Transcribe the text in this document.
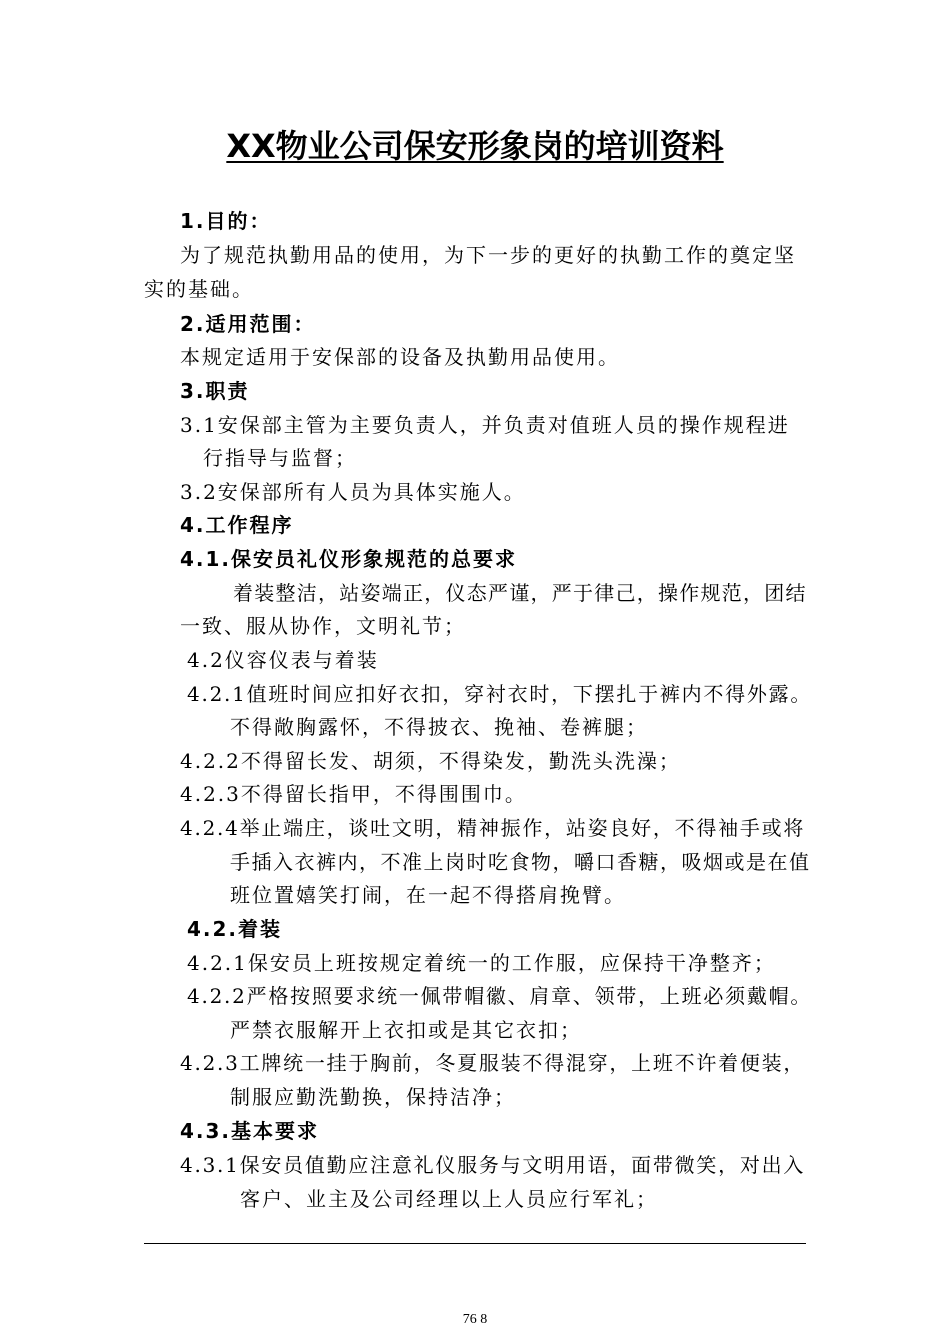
XX物业公司保安形象岗的培训资料
1.目的：
为了规范执勤用品的使用，为下一步的更好的执勤工作的奠定坚
实的基础。
2.适用范围：
本规定适用于安保部的设备及执勤用品使用。
3.职责
3.1安保部主管为主要负责人，并负责对值班人员的操作规程进
行指导与监督；
3.2安保部所有人员为具体实施人。
4.工作程序
4.1.保安员礼仪形象规范的总要求
着装整洁，站姿端正，仪态严谨，严于律己，操作规范，团结
一致、服从协作，文明礼节；
4.2仪容仪表与着装
4.2.1值班时间应扣好衣扣，穿衬衣时，下摆扎于裤内不得外露。
不得敞胸露怀，不得披衣、挽袖、卷裤腿；
4.2.2不得留长发、胡须，不得染发，勤洗头洗澡；
4.2.3不得留长指甲，不得围围巾。
4.2.4举止端庄，谈吐文明，精神振作，站姿良好，不得袖手或将
手插入衣裤内，不准上岗时吃食物，嚼口香糖，吸烟或是在值
班位置嬉笑打闹，在一起不得搭肩挽臂。
4.2.着装
4.2.1保安员上班按规定着统一的工作服，应保持干净整齐；
4.2.2严格按照要求统一佩带帽徽、肩章、领带，上班必须戴帽。
严禁衣服解开上衣扣或是其它衣扣；
4.2.3工牌统一挂于胸前，冬夏服装不得混穿，上班不许着便装，
制服应勤洗勤换，保持洁净；
4.3.基本要求
4.3.1保安员值勤应注意礼仪服务与文明用语，面带微笑，对出入
客户、业主及公司经理以上人员应行军礼；
76 8
